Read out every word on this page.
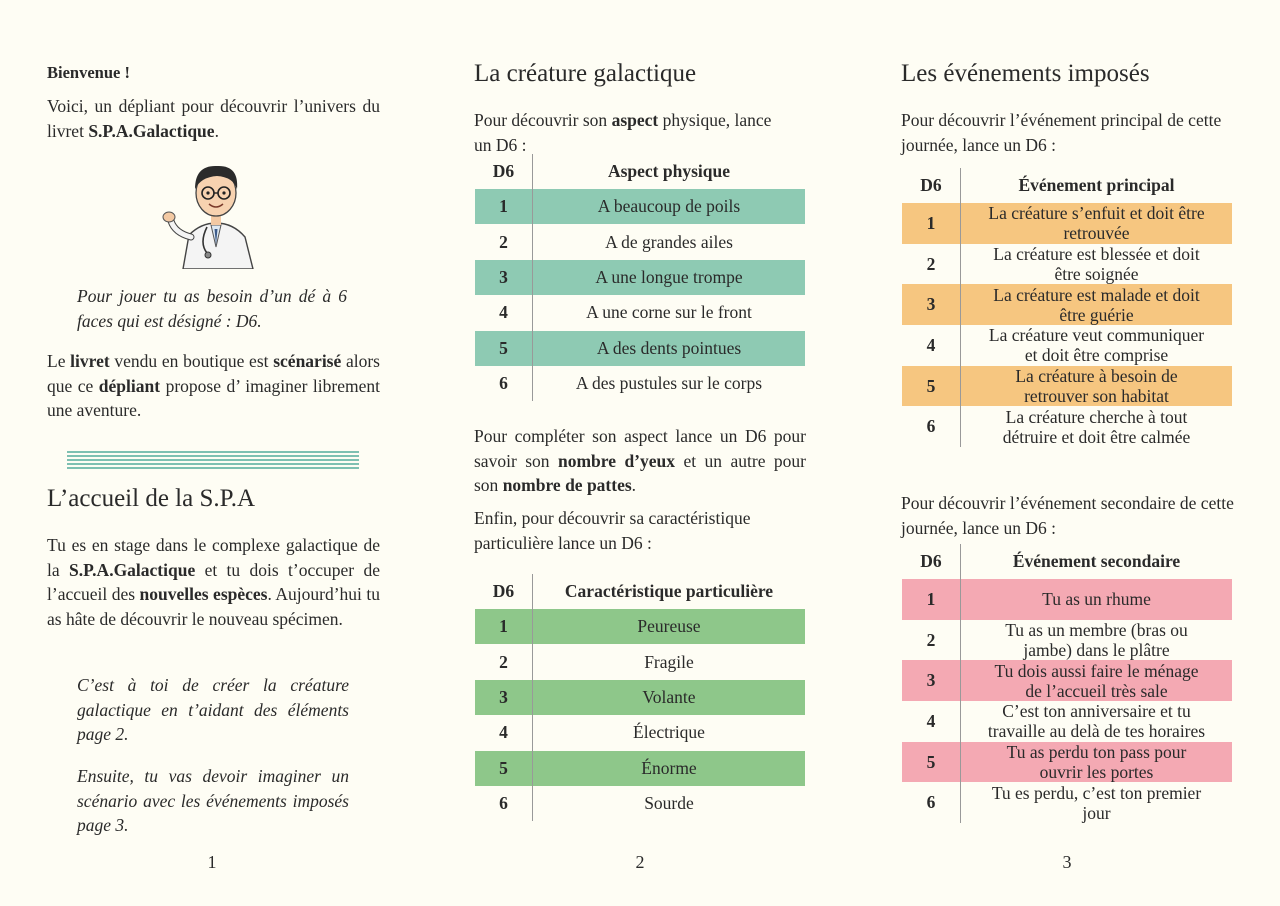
Bienvenue !

Voici, un dépliant pour découvrir l’univers du livret S.P.A.Galactique.

Pour jouer tu as besoin d’un dé à 6 faces qui est désigné : D6.

Le livret vendu en boutique est scénarisé alors que ce dépliant propose d’ imaginer librement une aventure.

L’accueil de la S.P.A

Tu es en stage dans le complexe galactique de la S.P.A.Galactique et tu dois t’occuper de l’accueil des nouvelles espèces. Aujourd’hui tu as hâte de découvrir le nouveau spécimen.

C’est à toi de créer la créature galactique en t’aidant des éléments page 2.

Ensuite, tu vas devoir imaginer un scénario avec les événements imposés page 3.

1
La créature galactique

Pour découvrir son aspect physique, lance un D6 :

D6	Aspect physique
1	A beaucoup de poils
2	A de grandes ailes
3	A une longue trompe
4	A une corne sur le front
5	A des dents pointues
6	A des pustules sur le corps

Pour compléter son aspect lance un D6 pour savoir son nombre d’yeux et un autre pour son nombre de pattes.

Enfin, pour découvrir sa caractéristique particulière lance un D6 :

D6	Caractéristique particulière
1	Peureuse
2	Fragile
3	Volante
4	Électrique
5	Énorme
6	Sourde
2
Les événements imposés

Pour découvrir l’événement principal de cette journée, lance un D6 :

D6	Événement principal
1	La créature s’enfuit et doit être
retrouvée

2	La créature est blessée et doit
être soignée

3	La créature est malade et doit
être guérie

4	La créature veut communiquer
et doit être comprise

5	La créature à besoin de
retrouver son habitat

6	La créature cherche à tout
détruire et doit être calmée

Pour découvrir l’événement secondaire de cette journée, lance un D6 :

D6	Événement secondaire
1	Tu as un rhume

2	Tu as un membre (bras ou
jambe) dans le plâtre

3	Tu dois aussi faire le ménage
de l’accueil très sale

4	C’est ton anniversaire et tu
travaille au delà de tes horaires

5	Tu as perdu ton pass pour
ouvrir les portes

6	Tu es perdu, c’est ton premier
jour
3
